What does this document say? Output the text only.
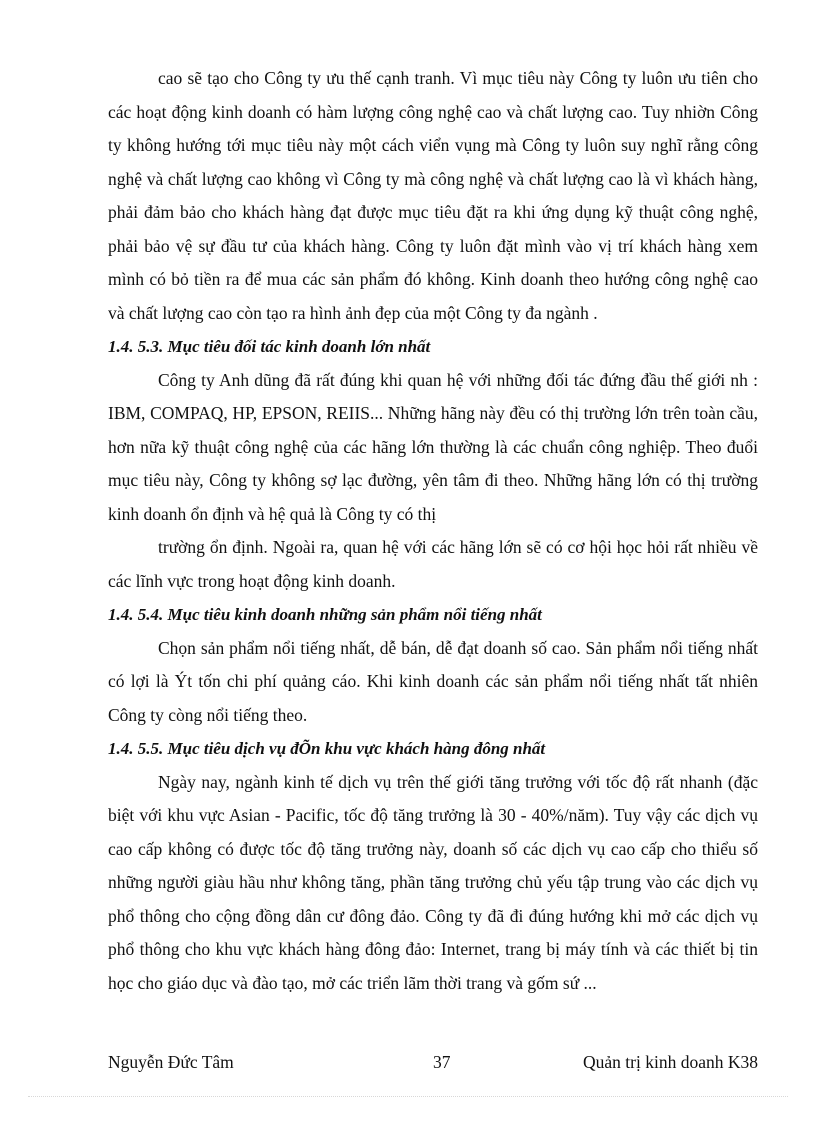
cao sẽ tạo cho Công ty ưu thế cạnh tranh. Vì mục tiêu này Công ty luôn ưu tiên cho các hoạt động kinh doanh có hàm lượng công nghệ cao và chất lượng cao. Tuy nhiờn Công ty không hướng tới mục tiêu này một cách viển vụng mà Công ty luôn suy nghĩ rằng công nghệ và chất lượng cao không vì Công ty mà công nghệ và chất lượng cao là vì khách hàng, phải đảm bảo cho khách hàng đạt được mục tiêu đặt ra khi ứng dụng kỹ thuật công nghệ, phải bảo vệ sự đầu tư của khách hàng. Công ty luôn đặt mình vào vị trí khách hàng xem mình có bỏ tiền ra để mua các sản phẩm đó không. Kinh doanh theo hướng công nghệ cao và chất lượng cao còn tạo ra hình ảnh đẹp của một Công ty đa ngành .

1.4. 5.3. Mục tiêu đối tác kinh doanh lớn nhất

Công ty Anh dũng đã rất đúng khi quan hệ với những đối tác đứng đầu thế giới nh : IBM, COMPAQ, HP, EPSON, REIIS... Những hãng này đều có thị trường lớn trên toàn cầu, hơn nữa kỹ thuật công nghệ của các hãng lớn thường là các chuẩn công nghiệp. Theo đuổi mục tiêu này, Công ty không sợ lạc đường, yên tâm đi theo. Những hãng lớn có thị trường kinh doanh ổn định và hệ quả là Công ty có thị

trường ổn định. Ngoài ra, quan hệ với các hãng lớn sẽ có cơ hội học hỏi rất nhiều về các lĩnh vực trong hoạt động kinh doanh.

1.4. 5.4. Mục tiêu kinh doanh những sản phẩm nổi tiếng nhất

Chọn sản phẩm nổi tiếng nhất, dễ bán, dễ đạt doanh số cao. Sản phẩm nổi tiếng nhất có lợi là Ýt tốn chi phí quảng cáo. Khi kinh doanh các sản phẩm nổi tiếng nhất tất nhiên Công ty còng nổi tiếng theo.

1.4. 5.5. Mục tiêu dịch vụ đÕn khu vực khách hàng đông nhất

Ngày nay, ngành kinh tế dịch vụ trên thế giới tăng trưởng với tốc độ rất nhanh (đặc biệt với khu vực Asian - Pacific, tốc độ tăng trưởng là 30 - 40%/năm). Tuy vậy các dịch vụ cao cấp không có được tốc độ tăng trưởng này, doanh số các dịch vụ cao cấp cho thiểu số những người giàu hầu như không tăng, phần tăng trưởng chủ yếu tập trung vào các dịch vụ phổ thông cho cộng đồng dân cư đông đảo. Công ty đã đi đúng hướng khi mở các dịch vụ phổ thông cho khu vực khách hàng đông đảo: Internet, trang bị máy tính và các thiết bị tin học cho giáo dục và đào tạo, mở các triển lãm thời trang và gốm sứ ...

Nguyễn Đức Tâm	37	Quản trị kinh doanh K38
